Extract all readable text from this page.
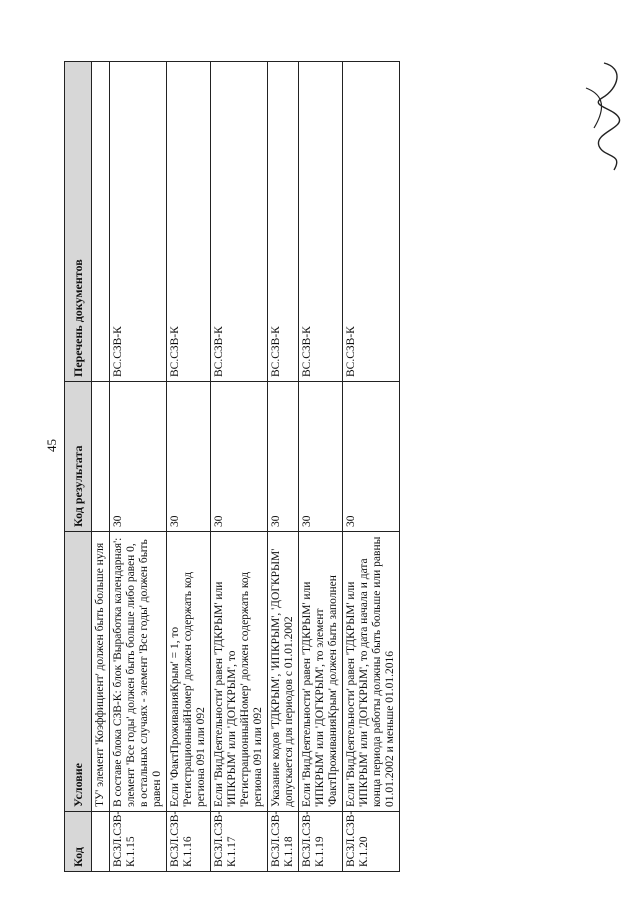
45
Код	Условие	Код результата	Перечень документов
	ТУ' элемент 'Коэффициент' должен быть больше нуля		
ВСЗЛ.СЗВ-К.1.15	В составе блока СЗВ-К: блок 'Выработка календарная': элемент 'Все годы' должен быть больше либо равен 0, в остальных случаях - элемент 'Все годы' должен быть равен 0	30	ВС.СЗВ-К
ВСЗЛ.СЗВ-К.1.16	Если 'ФактПроживанияКрым' = 1, то 'РегистрационныйНомер' должен содержать код региона 091 или 092	30	ВС.СЗВ-К
ВСЗЛ.СЗВ-К.1.17	Если 'ВидДеятельности' равен 'ТДКРЫМ' или 'ИПКРЫМ' или 'ДОГКРЫМ', то 'РегистрационныйНомер' должен содержать код региона 091 или 092	30	ВС.СЗВ-К
ВСЗЛ.СЗВ-К.1.18	Указание кодов 'ТДКРЫМ', 'ИПКРЫМ', 'ДОГКРЫМ' допускается для периодов с 01.01.2002	30	ВС.СЗВ-К
ВСЗЛ.СЗВ-К.1.19	Если 'ВидДеятельности' равен 'ТДКРЫМ' или 'ИПКРЫМ' или 'ДОГКРЫМ', то элемент 'ФактПроживанияКрым' должен быть заполнен	30	ВС.СЗВ-К
ВСЗЛ.СЗВ-К.1.20	Если 'ВидДеятельности' равен 'ТДКРЫМ' или 'ИПКРЫМ' или 'ДОГКРЫМ', то дата начала и дата конца периода работы должны быть больше или равны 01.01.2002 и меньше 01.01.2016	30	ВС.СЗВ-К
